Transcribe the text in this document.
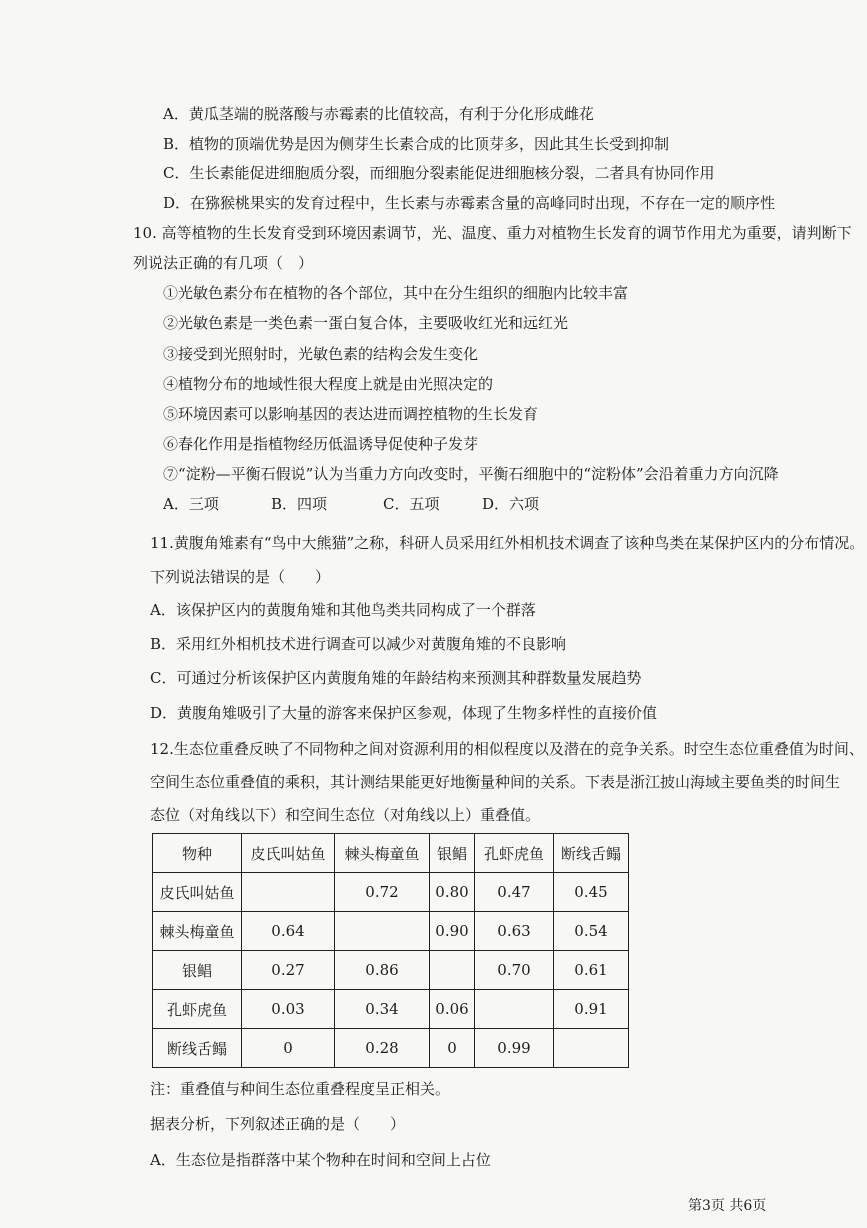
A．黄瓜茎端的脱落酸与赤霉素的比值较高，有利于分化形成雌花
B．植物的顶端优势是因为侧芽生长素合成的比顶芽多，因此其生长受到抑制
C．生长素能促进细胞质分裂，而细胞分裂素能促进细胞核分裂，二者具有协同作用
D．在猕猴桃果实的发育过程中，生长素与赤霉素含量的高峰同时出现，不存在一定的顺序性
10. 高等植物的生长发育受到环境因素调节，光、温度、重力对植物生长发育的调节作用尤为重要，请判断下
列说法正确的有几项（　）
①光敏色素分布在植物的各个部位，其中在分生组织的细胞内比较丰富
②光敏色素是一类色素一蛋白复合体，主要吸收红光和远红光
③接受到光照射时，光敏色素的结构会发生变化
④植物分布的地域性很大程度上就是由光照决定的
⑤环境因素可以影响基因的表达进而调控植物的生长发育
⑥春化作用是指植物经历低温诱导促使种子发芽
⑦“淀粉—平衡石假说”认为当重力方向改变时，平衡石细胞中的“淀粉体”会沿着重力方向沉降
A．三项	B．四项	C．五项	D．六项
11.黄腹角雉素有“鸟中大熊猫”之称，科研人员采用红外相机技术调查了该种鸟类在某保护区内的分布情况。
下列说法错误的是（　　）
A．该保护区内的黄腹角雉和其他鸟类共同构成了一个群落
B．采用红外相机技术进行调查可以减少对黄腹角雉的不良影响
C．可通过分析该保护区内黄腹角雉的年龄结构来预测其种群数量发展趋势
D．黄腹角雉吸引了大量的游客来保护区参观，体现了生物多样性的直接价值
12.生态位重叠反映了不同物种之间对资源利用的相似程度以及潜在的竞争关系。时空生态位重叠值为时间、
空间生态位重叠值的乘积，其计测结果能更好地衡量种间的关系。下表是浙江披山海域主要鱼类的时间生
态位（对角线以下）和空间生态位（对角线以上）重叠值。
物种	皮氏叫姑鱼	棘头梅童鱼	银鲳	孔虾虎鱼	断线舌鳎
皮氏叫姑鱼		0.72	0.80	0.47	0.45
棘头梅童鱼	0.64		0.90	0.63	0.54
银鲳	0.27	0.86		0.70	0.61
孔虾虎鱼	0.03	0.34	0.06		0.91
断线舌鳎	0	0.28	0	0.99	
注：重叠值与种间生态位重叠程度呈正相关。
据表分析，下列叙述正确的是（　　）
A．生态位是指群落中某个物种在时间和空间上占位
第3页 共6页
